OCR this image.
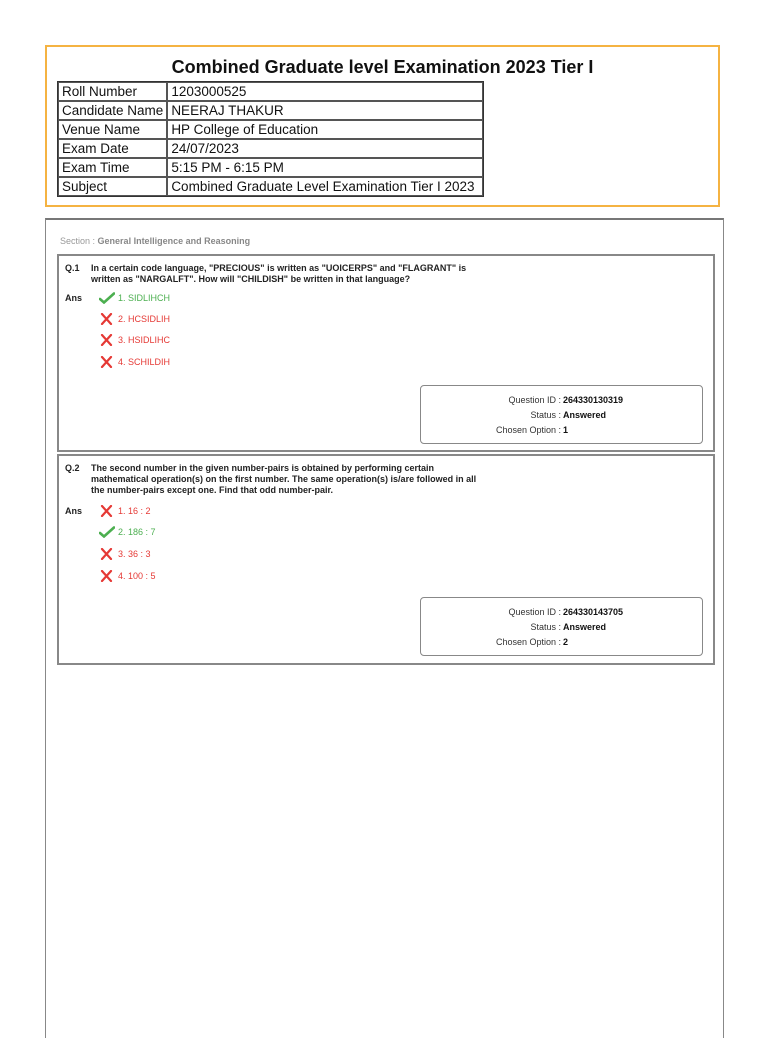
Combined Graduate level Examination 2023 Tier I
Roll Number	1203000525
Candidate Name	NEERAJ THAKUR
Venue Name	HP College of Education
Exam Date	24/07/2023
Exam Time	5:15 PM - 6:15 PM
Subject	Combined Graduate Level Examination Tier I 2023
Section : General Intelligence and Reasoning
Q.1 In a certain code language, "PRECIOUS" is written as "UOICERPS" and "FLAGRANT" is
written as "NARGALFT". How will "CHILDISH" be written in that language?
Ans	1. SIDLIHCH
2. HCSIDLIH
3. HSIDLIHC
4. SCHILDIH
Question ID : 264330130319
Status : Answered
Chosen Option : 1
Q.2 The second number in the given number-pairs is obtained by performing certain
mathematical operation(s) on the first number. The same operation(s) is/are followed in all
the number-pairs except one. Find that odd number-pair.
Ans	1. 16 : 2
2. 186 : 7
3. 36 : 3
4. 100 : 5
Question ID : 264330143705
Status : Answered
Chosen Option : 2
